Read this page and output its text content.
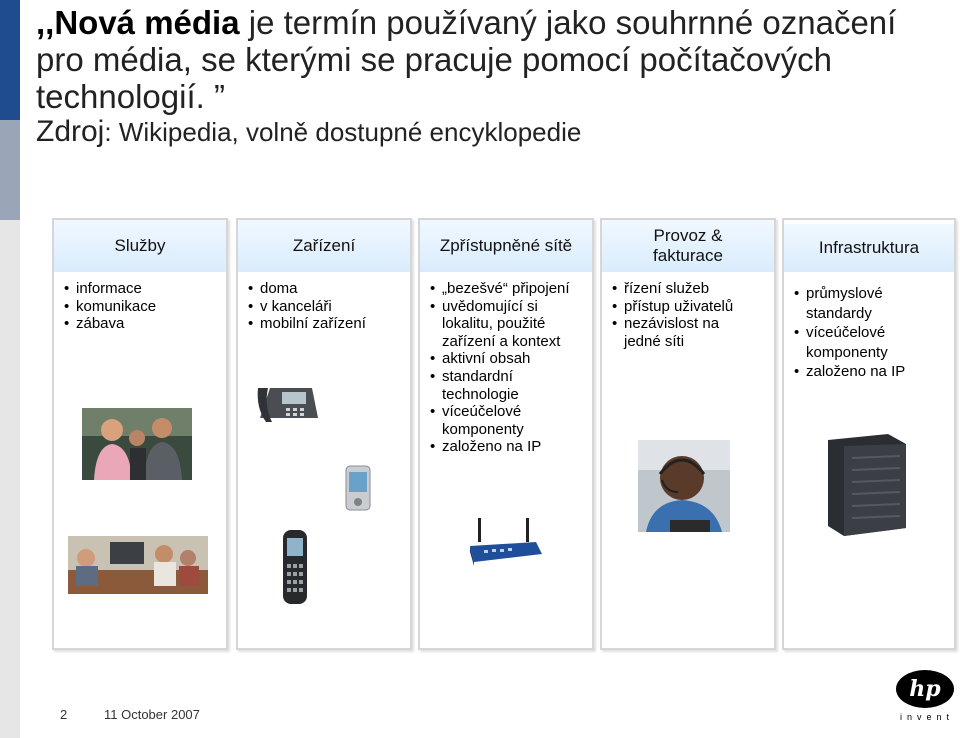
,,Nová média je termín používaný jako souhrnné označení pro média, se kterými se pracuje pomocí počítačových technologií. ”
Zdroj: Wikipedia, volně dostupné encyklopedie
Služby
• informace
• komunikace
• zábava
Zařízení
• doma
• v kanceláři
• mobilní zařízení
Zpřístupněné sítě
• „bezešvé“ připojení
• uvědomující si
lokalitu, použité
zařízení a kontext
• aktivní obsah
• standardní
technologie
• víceúčelové
komponenty
• založeno na IP
Provoz & fakturace
• řízení služeb
• přístup uživatelů
• nezávislost na
jedné síti
Infrastruktura
• průmyslové
standardy
• víceúčelové
komponenty
• založeno na IP
2	11 October 2007
hp
invent
